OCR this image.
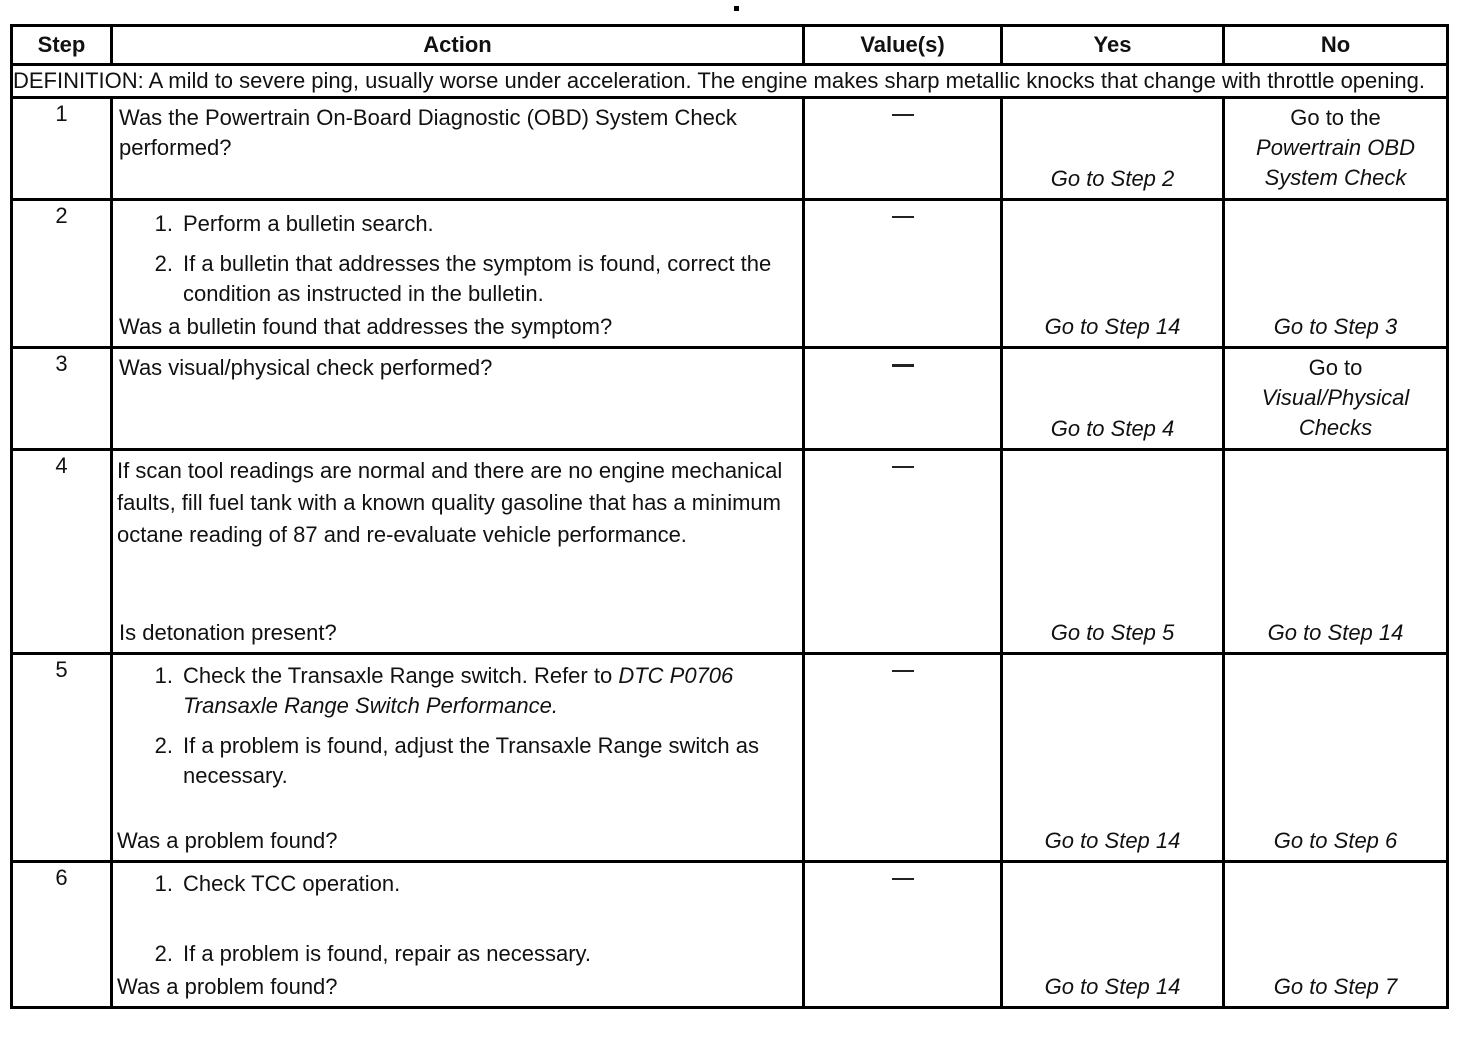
Step	Action	Value(s)	Yes	No
DEFINITION: A mild to severe ping, usually worse under acceleration. The engine makes sharp metallic knocks that change with throttle opening.				
1	Was the Powertrain On-Board Diagnostic (OBD) System Check performed?		Go to Step 2	Go to the
Powertrain OBD System Check

2	1. Perform a bulletin search.
2. If a bulletin that addresses the symptom is found, correct the condition as instructed in the bulletin.
Was a bulletin found that addresses the symptom?		Go to Step 14	Go to Step 3

3	Was visual/physical check performed?		Go to Step 4	Go to
Visual/Physical Checks

4	If scan tool readings are normal and there are no engine mechanical faults, fill fuel tank with a known quality gasoline that has a minimum octane reading of 87 and re-evaluate vehicle performance.
Is detonation present?		Go to Step 5	Go to Step 14

5	1. Check the Transaxle Range switch. Refer to DTC P0706 Transaxle Range Switch Performance.
2. If a problem is found, adjust the Transaxle Range switch as necessary.
Was a problem found?		Go to Step 14	Go to Step 6

6	1. Check TCC operation.
2. If a problem is found, repair as necessary.
Was a problem found?		Go to Step 14	Go to Step 7
